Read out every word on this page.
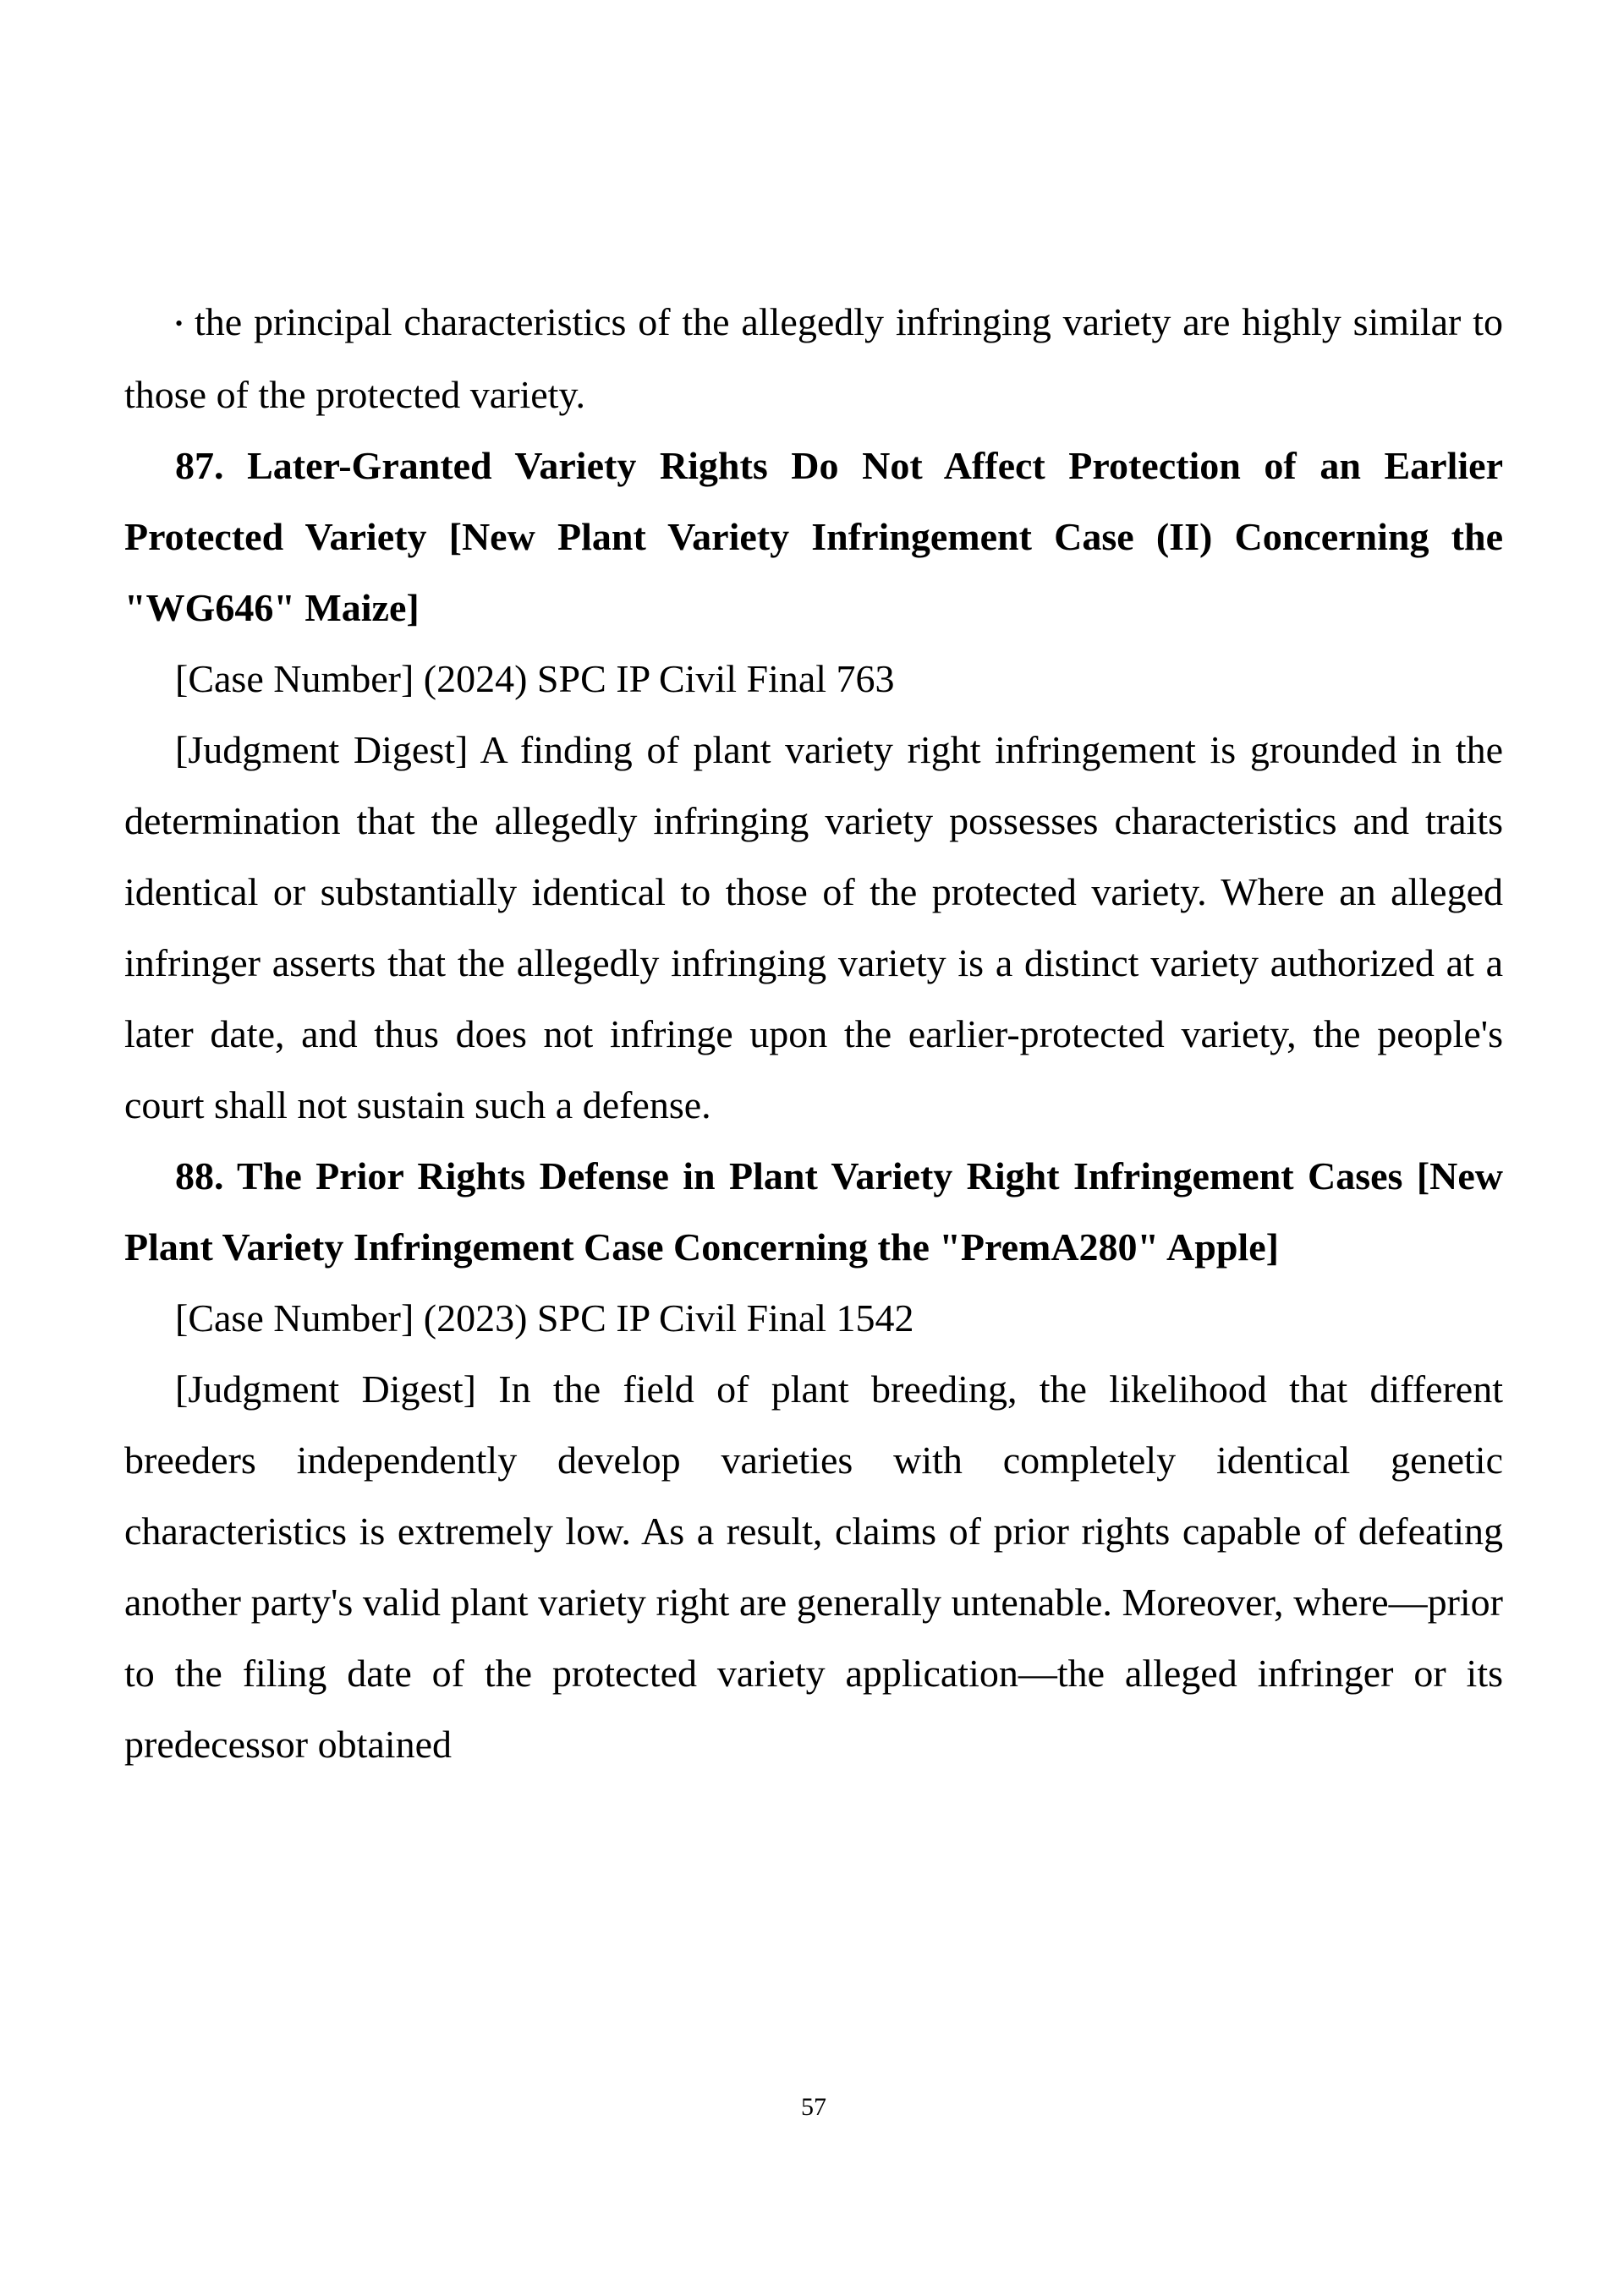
• the principal characteristics of the allegedly infringing variety are highly similar to those of the protected variety.

87. Later-Granted Variety Rights Do Not Affect Protection of an Earlier Protected Variety [New Plant Variety Infringement Case (II) Concerning the "WG646" Maize]

[Case Number] (2024) SPC IP Civil Final 763

[Judgment Digest] A finding of plant variety right infringement is grounded in the determination that the allegedly infringing variety possesses characteristics and traits identical or substantially identical to those of the protected variety. Where an alleged infringer asserts that the allegedly infringing variety is a distinct variety authorized at a later date, and thus does not infringe upon the earlier-protected variety, the people's court shall not sustain such a defense.

88. The Prior Rights Defense in Plant Variety Right Infringement Cases [New Plant Variety Infringement Case Concerning the "PremA280" Apple]

[Case Number] (2023) SPC IP Civil Final 1542

[Judgment Digest] In the field of plant breeding, the likelihood that different breeders independently develop varieties with completely identical genetic characteristics is extremely low. As a result, claims of prior rights capable of defeating another party's valid plant variety right are generally untenable. Moreover, where—prior to the filing date of the protected variety application—the alleged infringer or its predecessor obtained

57
